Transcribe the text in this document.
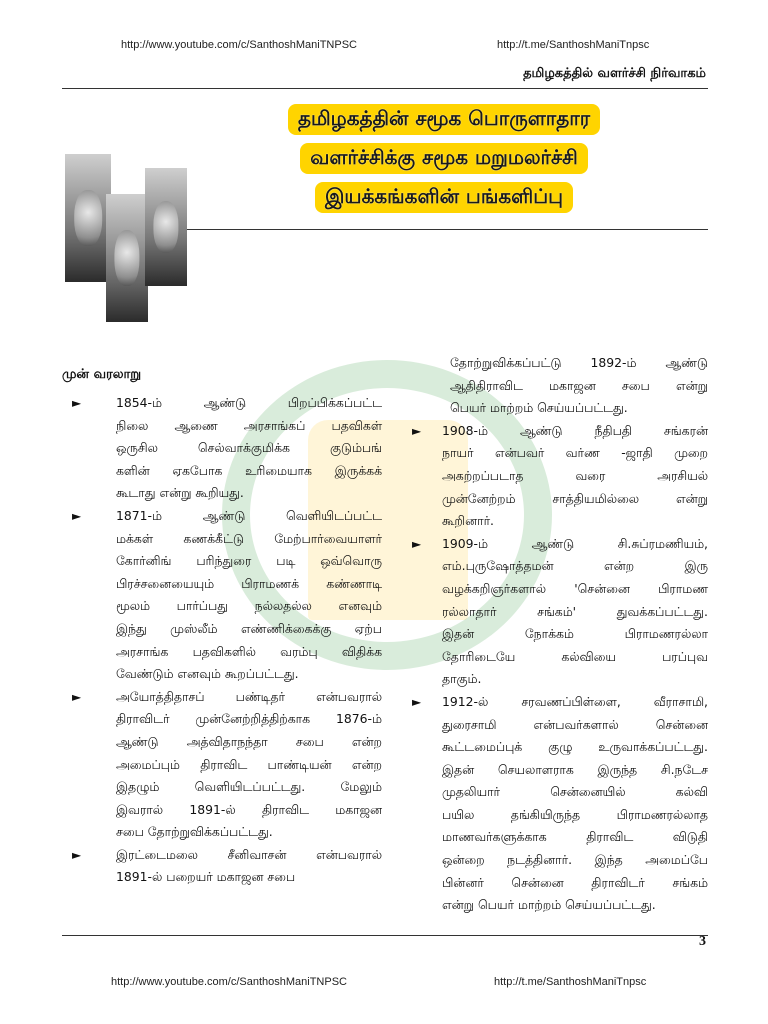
http://www.youtube.com/c/SanthoshManiTNPSC	http://t.me/SanthoshManiTnpsc
தமிழகத்தில் வளர்ச்சி நிர்வாகம்
தமிழகத்தின் சமூக பொருளாதார
வளர்ச்சிக்கு சமூக மறுமலர்ச்சி
இயக்கங்களின் பங்களிப்பு
முன் வரலாறு
►	1854-ம் ஆண்டு பிறப்பிக்கப்பட்ட
நிலை ஆணை அரசாங்கப் பதவிகள்
ஒருசில செல்வாக்குமிக்க குடும்பங்
களின் ஏகபோக உரிமையாக இருக்கக்
கூடாது என்று கூறியது.
►	1871-ம் ஆண்டு வெளியிடப்பட்ட
மக்கள் கணக்கீட்டு மேற்பார்வையாளர்
கோர்னிங் பரிந்துரை படி ஒவ்வொரு
பிரச்சனையையும் பிராமணக் கண்ணாடி
மூலம் பார்ப்பது நல்லதல்ல எனவும்
இந்து முஸ்லீம் எண்ணிக்கைக்கு ஏற்ப
அரசாங்க பதவிகளில் வரம்பு விதிக்க
வேண்டும் எனவும் கூறப்பட்டது.
►	அயோத்திதாசப் பண்டிதர் என்பவரால்
திராவிடர் முன்னேற்றித்திற்காக 1876-ம்
ஆண்டு அத்விதாநந்தா சபை என்ற
அமைப்பும் திராவிட பாண்டியன் என்ற
இதழும் வெளியிடப்பட்டது. மேலும்
இவரால் 1891-ல் திராவிட மகாஜன
சபை தோற்றுவிக்கப்பட்டது.
►	இரட்டைமலை சீனிவாசன் என்பவரால்
1891-ல் பறையர் மகாஜன சபை
தோற்றுவிக்கப்பட்டு 1892-ம் ஆண்டு
ஆதிதிராவிட மகாஜன சபை என்று
பெயர் மாற்றம் செய்யப்பட்டது.
► 1908-ம் ஆண்டு நீதிபதி சங்கரன்
நாயர் என்பவர் வர்ண -ஜாதி முறை
அகற்றப்படாத வரை அரசியல்
முன்னேற்றம் சாத்தியமில்லை என்று
கூறினார்.
► 1909-ம் ஆண்டு சி.சுப்ரமணியம்,
எம்.புருஷோத்தமன் என்ற இரு
வழக்கறிஞர்களால் 'சென்னை பிராமண
ரல்லாதார் சங்கம்' துவக்கப்பட்டது.
இதன் நோக்கம் பிராமணரல்லா
தோரிடையே கல்வியை பரப்புவ
தாகும்.
► 1912-ல் சரவணப்பிள்ளை, வீராசாமி,
துரைசாமி என்பவர்களால் சென்னை
கூட்டமைப்புக் குழு உருவாக்கப்பட்டது.
இதன் செயலாளராக இருந்த சி.நடேச
முதலியார் சென்னையில் கல்வி
பயில தங்கியிருந்த பிராமணரல்லாத
மாணவர்களுக்காக திராவிட விடுதி
ஒன்றை நடத்தினார். இந்த அமைப்பே
பின்னர் சென்னை திராவிடர் சங்கம்
என்று பெயர் மாற்றம் செய்யப்பட்டது.
3
http://www.youtube.com/c/SanthoshManiTNPSC	http://t.me/SanthoshManiTnpsc
